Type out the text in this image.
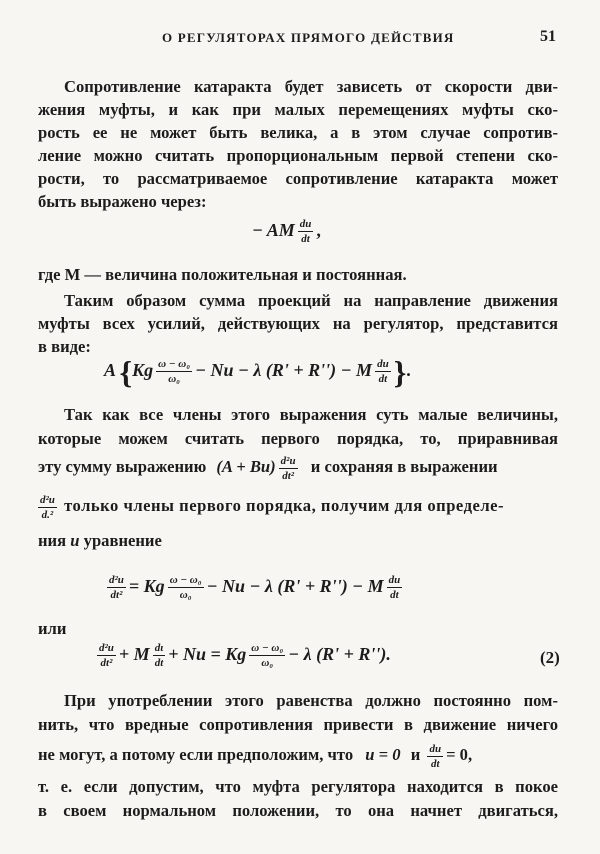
О РЕГУЛЯТОРАХ ПРЯМОГО ДЕЙСТВИЯ	51
Сопротивление катаракта будет зависеть от скорости дви-
жения муфты, и как при малых перемещениях муфты ско-
рость ее не может быть велика, а в этом случае сопротив-
ление можно считать пропорциональным первой степени ско-
рости, то рассматриваемое сопротивление катаракта может
быть выражено через:
− AM $\frac{du}{dt}$ ,
где M — величина положительная и постоянная.
Таким образом сумма проекций на направление движения
муфты всех усилий, действующих на регулятор, представится
в виде:
A {$Kg \frac{\text{ω − ω₀}}{\text{ω₀}} - Nu - \lambda$ (R' + R'') − M $\frac{du}{dt}$ }.
Так как все члены этого выражения суть малые величины,
которые можем считать первого порядка, то, приравнивая
эту сумму выражению $(A + Bu) \frac{\text{d²u}}{\text{dt²}}$ и сохраняя в выражении
$\frac{\text{d²u}}{\text{d.²}}$ только члены первого порядка, получим для определе-
ния u уравнение
$\frac{\text{d²u}}{\text{dt²}} = Kg \frac{\text{ω − ω₀}}{\text{ω₀}} - Nu - \lambda$ (R' + R'') − M $\frac{du}{dt}$
или
$\frac{\text{d²u}}{\text{dt²}} + M \frac{d\iota}{dt} + Nu = Kg \frac{\text{ω − ω₀}}{\text{ω₀}} - \lambda$ (R' + R'').	(2)
При употреблении этого равенства должно постоянно пом-
нить, что вредные сопротивления привести в движение ничего
не могут, а потому если предположим, что u = 0 и $\frac{du}{dt} = 0$,
т. е. если допустим, что муфта регулятора находится в покое
в своем нормальном положении, то она начнет двигаться,
